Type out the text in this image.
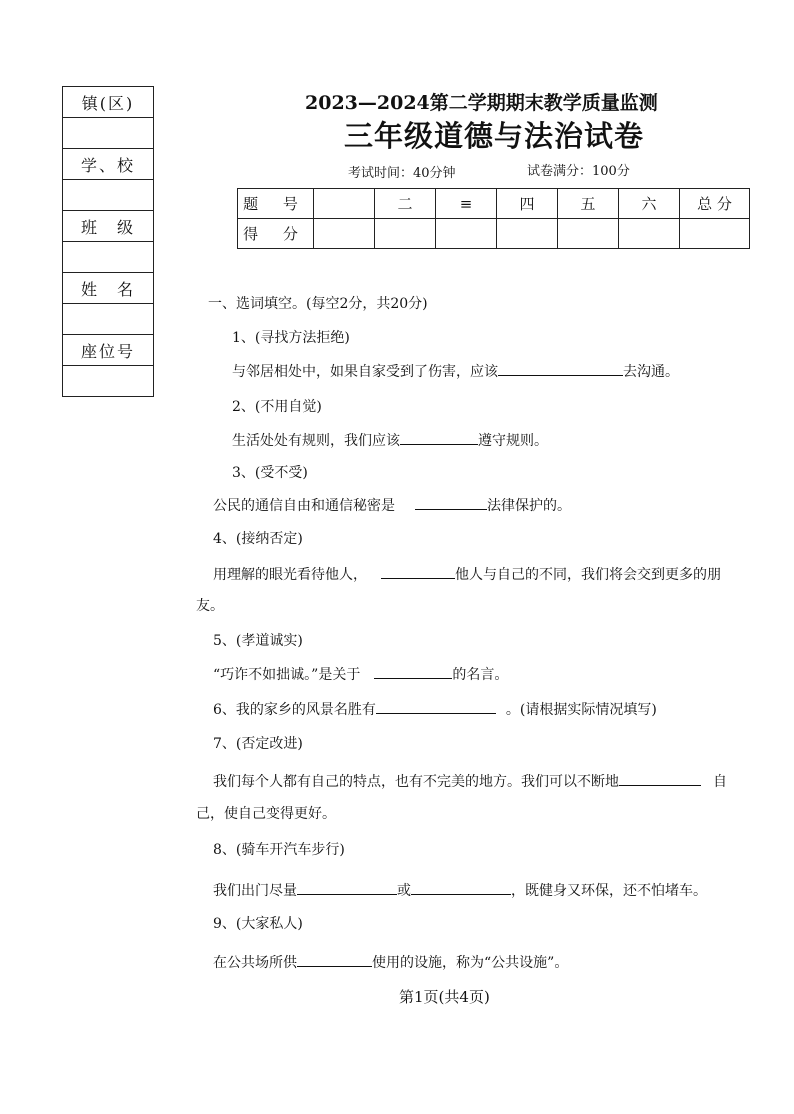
镇(区)
学、校
班　级
姓　名
座位号
2023—2024第二学期期末教学质量监测
三年级道德与法治试卷
考试时间：40分钟	试卷满分：100分
题 号		二	≡	四	五	六	总 分
得 分							
一、选词填空。(每空2分，共20分)
1、(寻找方法拒绝)
与邻居相处中，如果自家受到了伤害，应该	去沟通。
2、(不用自觉)
生活处处有规则，我们应该	遵守规则。
3、(受不受)
公民的通信自由和通信秘密是	法律保护的。
4、(接纳否定)
用理解的眼光看待他人，	他人与自己的不同，我们将会交到更多的朋
友。
5、(孝道诚实)
“巧诈不如拙诚。”是关于	的名言。
6、我的家乡的风景名胜有	。(请根据实际情况填写)
7、(否定改进)
我们每个人都有自己的特点，也有不完美的地方。我们可以不断地	自
己，使自己变得更好。
8、(骑车开汽车步行)
我们出门尽量	或	，既健身又环保，还不怕堵车。
9、(大家私人)
在公共场所供	使用的设施，称为“公共设施”。
第1页(共4页)
